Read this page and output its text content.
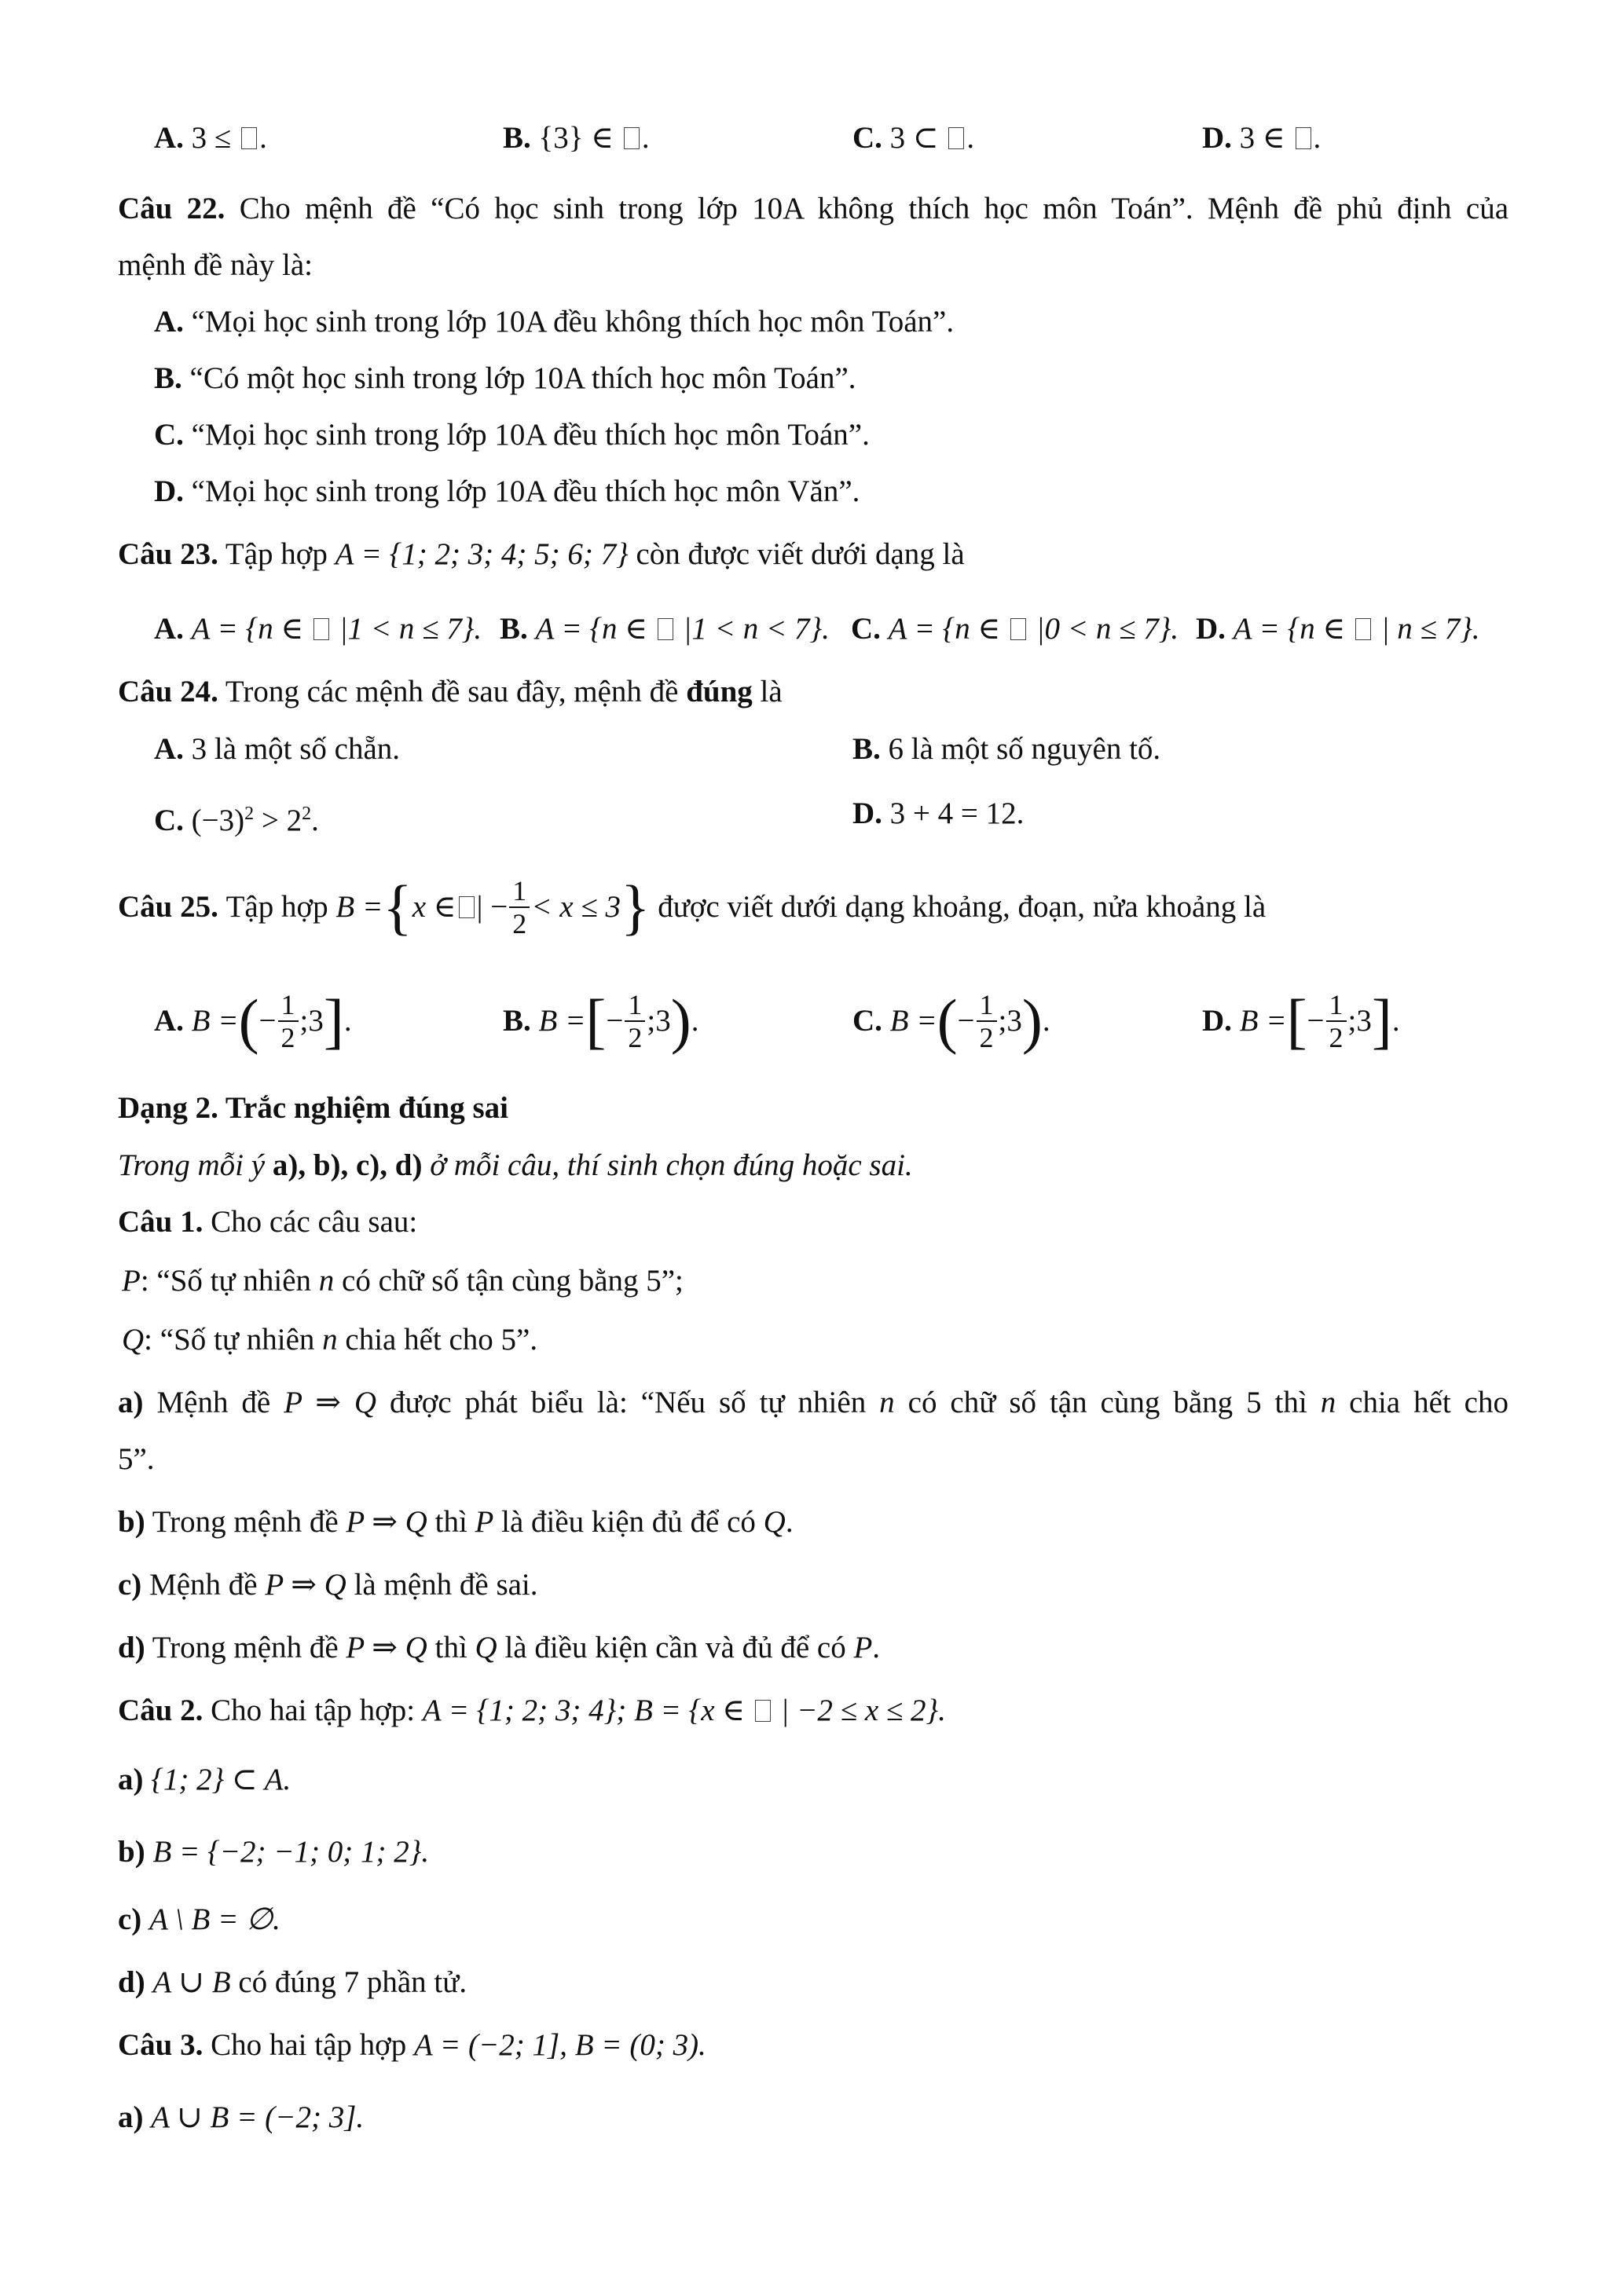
A. 3 ≤ .	B. {3} ∈ .	C. 3 ⊂ .	D. 3 ∈ .
Câu 22. Cho mệnh đề “Có học sinh trong lớp 10A không thích học môn Toán”. Mệnh đề phủ định của
mệnh đề này là:
A. “Mọi học sinh trong lớp 10A đều không thích học môn Toán”.
B. “Có một học sinh trong lớp 10A thích học môn Toán”.
C. “Mọi học sinh trong lớp 10A đều thích học môn Toán”.
D. “Mọi học sinh trong lớp 10A đều thích học môn Văn”.
Câu 23. Tập hợp A = {1; 2; 3; 4; 5; 6; 7} còn được viết dưới dạng là
A. A = {n ∈  |1 < n ≤ 7}. B. A = {n ∈  |1 < n < 7}. C. A = {n ∈  |0 < n ≤ 7}. D. A = {n ∈  | n ≤ 7}.
Câu 24. Trong các mệnh đề sau đây, mệnh đề đúng là
A. 3 là một số chẵn.	B. 6 là một số nguyên tố.
C. $(-3)^2 > 2^2$.	D. 3 + 4 = 12.
Câu 25.
Tập hợp
B = { x ∈ | − $\frac{1}{2} < x \le 3$ }
được viết dưới dạng khoảng, đoạn, nửa khoảng là
A.
B = ( − $\frac{1}{2}$ ;3 ] .	B.
B = [ − $\frac{1}{2}$ ;3 ) .	C.
B = ( − $\frac{1}{2}$ ;3 ) .	D.
B = [ − $\frac{1}{2}$ ;3 ] .
Dạng 2. Trắc nghiệm đúng sai
Trong mỗi ý a), b), c), d) ở mỗi câu, thí sinh chọn đúng hoặc sai.
Câu 1. Cho các câu sau:
P: “Số tự nhiên n có chữ số tận cùng bằng 5”;
Q: “Số tự nhiên n chia hết cho 5”.
a) Mệnh đề P ⇒ Q được phát biểu là: “Nếu số tự nhiên n có chữ số tận cùng bằng 5 thì n chia hết cho
5”.
b) Trong mệnh đề P ⇒ Q thì P là điều kiện đủ để có Q.
c) Mệnh đề P ⇒ Q là mệnh đề sai.
d) Trong mệnh đề P ⇒ Q thì Q là điều kiện cần và đủ để có P.
Câu 2. Cho hai tập hợp: A = {1; 2; 3; 4}; B = {x ∈  | −2 ≤ x ≤ 2}.
a) {1; 2} ⊂ A.
b) B = {−2; −1; 0; 1; 2}.
c) A \ B = ∅.
d) A ∪ B có đúng 7 phần tử.
Câu 3. Cho hai tập hợp A = (−2; 1], B = (0; 3).
a) A ∪ B = (−2; 3].
